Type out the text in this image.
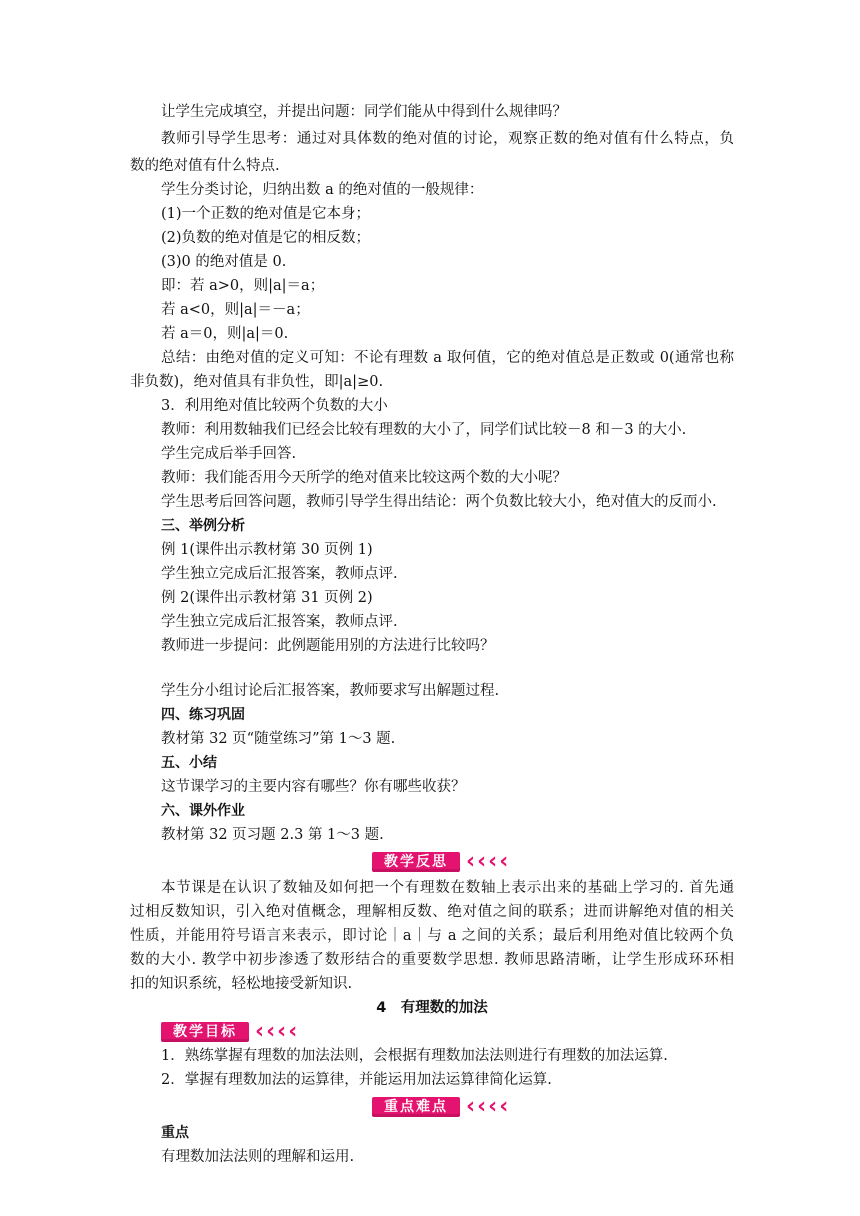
让学生完成填空，并提出问题：同学们能从中得到什么规律吗？
教师引导学生思考：通过对具体数的绝对值的讨论，观察正数的绝对值有什么特点，负
数的绝对值有什么特点.
学生分类讨论，归纳出数 a 的绝对值的一般规律：
(1)一个正数的绝对值是它本身；
(2)负数的绝对值是它的相反数；
(3)0 的绝对值是 0.
即：若 a>0，则|a|＝a；
若 a<0，则|a|＝－a；
若 a＝0，则|a|＝0.
总结：由绝对值的定义可知：不论有理数 a 取何值，它的绝对值总是正数或 0(通常也称
非负数)，绝对值具有非负性，即|a|≥0.
3．利用绝对值比较两个负数的大小
教师：利用数轴我们已经会比较有理数的大小了，同学们试比较－8 和－3 的大小.
学生完成后举手回答.
教师：我们能否用今天所学的绝对值来比较这两个数的大小呢？
学生思考后回答问题，教师引导学生得出结论：两个负数比较大小，绝对值大的反而小.
三、举例分析
例 1(课件出示教材第 30 页例 1)
学生独立完成后汇报答案，教师点评.
例 2(课件出示教材第 31 页例 2)
学生独立完成后汇报答案，教师点评.
教师进一步提问：此例题能用别的方法进行比较吗？
学生分小组讨论后汇报答案，教师要求写出解题过程.
四、练习巩固
教材第 32 页“随堂练习”第 1～3 题.
五、小结
这节课学习的主要内容有哪些？你有哪些收获？
六、课外作业
教材第 32 页习题 2.3 第 1～3 题.
教学反思 ‹ ‹ ‹ ‹
本节课是在认识了数轴及如何把一个有理数在数轴上表示出来的基础上学习的. 首先通
过相反数知识，引入绝对值概念，理解相反数、绝对值之间的联系；进而讲解绝对值的相关
性质，并能用符号语言来表示，即讨论｜a｜与 a 之间的关系；最后利用绝对值比较两个负
数的大小. 教学中初步渗透了数形结合的重要数学思想. 教师思路清晰，让学生形成环环相
扣的知识系统，轻松地接受新知识.
4　有理数的加法
教学目标 ‹ ‹ ‹ ‹
1．熟练掌握有理数的加法法则，会根据有理数加法法则进行有理数的加法运算.
2．掌握有理数加法的运算律，并能运用加法运算律简化运算.
重点难点 ‹ ‹ ‹ ‹
重点
有理数加法法则的理解和运用.
